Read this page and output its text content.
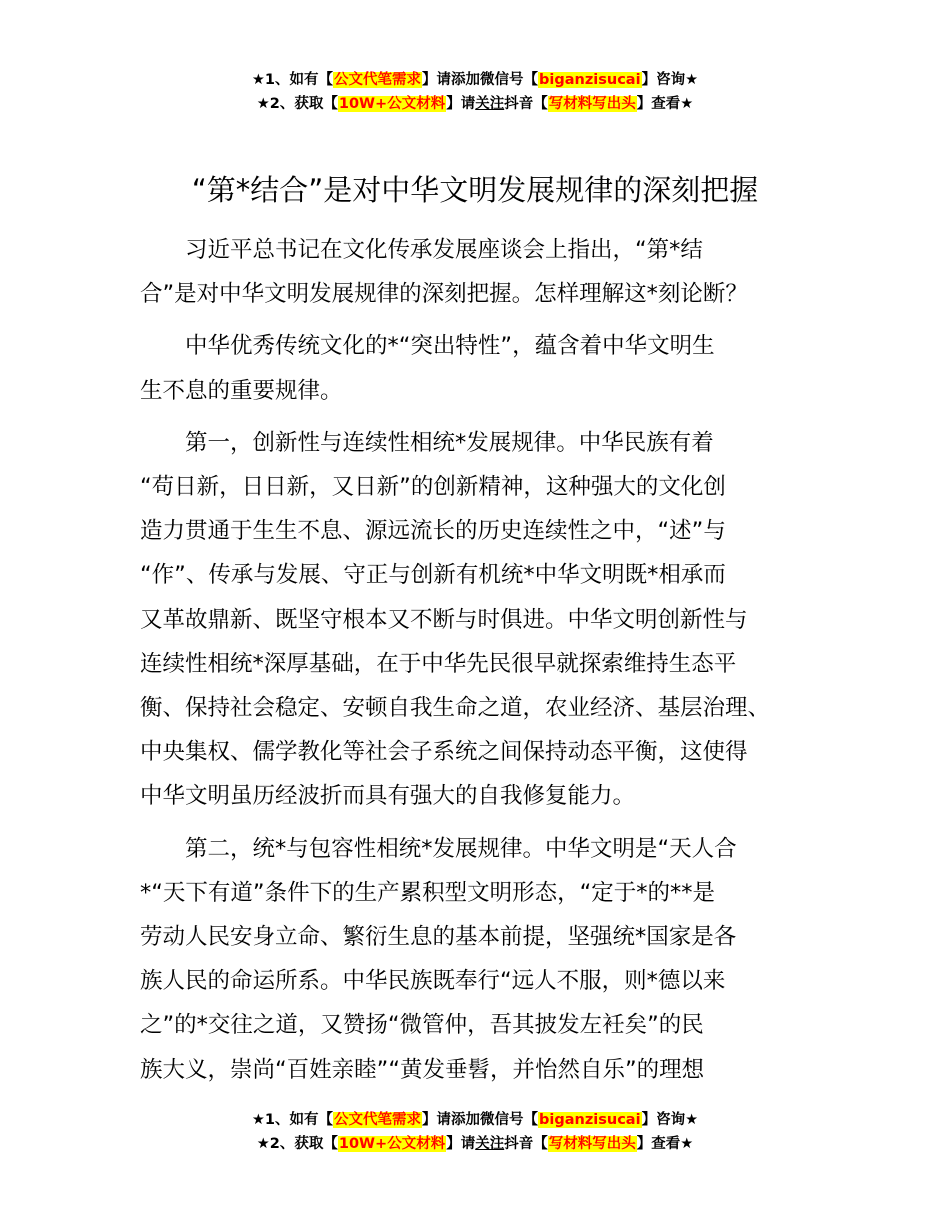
★1、如有【公文代笔需求】请添加微信号【biganzisucai】咨询★
★2、获取【10W+公文材料】请关注抖音【写材料写出头】查看★
“第*结合”是对中华文明发展规律的深刻把握
习近平总书记在文化传承发展座谈会上指出，“第*结
合”是对中华文明发展规律的深刻把握。怎样理解这*刻论断？
中华优秀传统文化的*“突出特性”，蕴含着中华文明生
生不息的重要规律。
第一，创新性与连续性相统*发展规律。中华民族有着
“苟日新，日日新，又日新”的创新精神，这种强大的文化创
造力贯通于生生不息、源远流长的历史连续性之中，“述”与
“作”、传承与发展、守正与创新有机统*中华文明既*相承而
又革故鼎新、既坚守根本又不断与时俱进。中华文明创新性与
连续性相统*深厚基础，在于中华先民很早就探索维持生态平
衡、保持社会稳定、安顿自我生命之道，农业经济、基层治理、
中央集权、儒学教化等社会子系统之间保持动态平衡，这使得
中华文明虽历经波折而具有强大的自我修复能力。
第二，统*与包容性相统*发展规律。中华文明是“天人合
*“天下有道”条件下的生产累积型文明形态，“定于*的**是
劳动人民安身立命、繁衍生息的基本前提，坚强统*国家是各
族人民的命运所系。中华民族既奉行“远人不服，则*德以来
之”的*交往之道，又赞扬“微管仲，吾其披发左衽矣”的民
族大义，崇尚“百姓亲睦”“黄发垂髫，并怡然自乐”的理想
★1、如有【公文代笔需求】请添加微信号【biganzisucai】咨询★
★2、获取【10W+公文材料】请关注抖音【写材料写出头】查看★
